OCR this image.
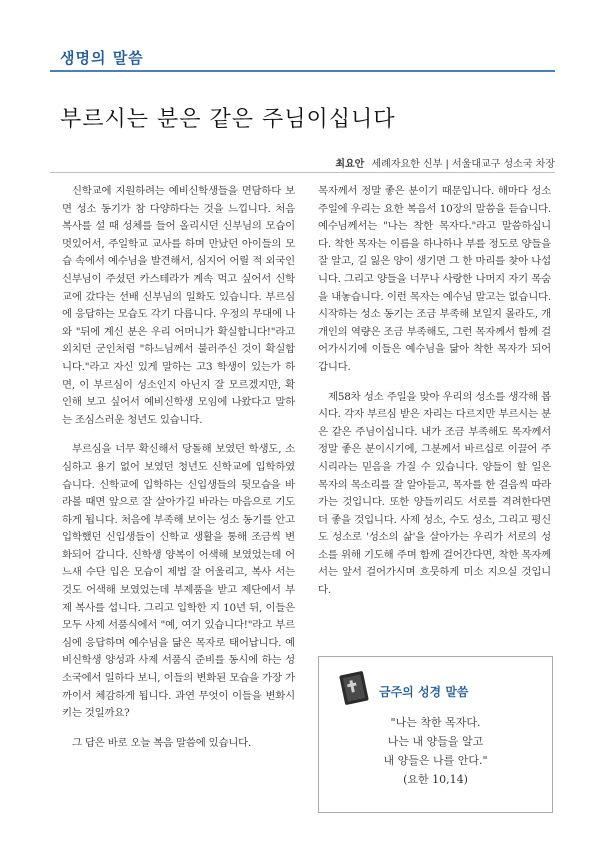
생명의 말씀
부르시는 분은 같은 주님이십니다
최요안 세례자요한 신부 | 서울대교구 성소국 차장

신학교에 지원하려는 예비신학생들을 면담하다 보면 성소 동기가 참 다양하다는 것을 느낍니다. 처음 복사를 설 때 성체를 들어 올리시던 신부님의 모습이 멋있어서, 주일학교 교사를 하며 만났던 아이들의 모습 속에서 예수님을 발견해서, 심지어 어릴 적 외국인 신부님이 주셨던 카스테라가 계속 먹고 싶어서 신학교에 갔다는 선배 신부님의 일화도 있습니다. 부르심에 응답하는 모습도 각기 다릅니다. 우정의 무대에 나와 "뒤에 계신 분은 우리 어머니가 확실합니다!"라고 외치던 군인처럼 "하느님께서 불러주신 것이 확실합니다."라고 자신 있게 말하는 고3 학생이 있는가 하면, 이 부르심이 성소인지 아닌지 잘 모르겠지만, 확인해 보고 싶어서 예비신학생 모임에 나왔다고 말하는 조심스러운 청년도 있습니다.

부르심을 너무 확신해서 당돌해 보였던 학생도, 소심하고 용기 없어 보였던 청년도 신학교에 입학하였습니다. 신학교에 입학하는 신입생들의 뒷모습을 바라볼 때면 앞으로 잘 살아가길 바라는 마음으로 기도하게 됩니다. 처음에 부족해 보이는 성소 동기를 안고 입학했던 신입생들이 신학교 생활을 통해 조금씩 변화되어 갑니다. 신학생 양복이 어색해 보였었는데 어느새 수단 입은 모습이 제법 잘 어울리고, 복사 서는 것도 어색해 보였었는데 부제품을 받고 제단에서 부제 복사를 섭니다. 그리고 입학한 지 10년 뒤, 이들은 모두 사제 서품식에서 "예, 여기 있습니다!"라고 부르심에 응답하며 예수님을 닮은 목자로 태어납니다. 예비신학생 양성과 사제 서품식 준비를 동시에 하는 성소국에서 일하다 보니, 이들의 변화된 모습을 가장 가까이서 체감하게 됩니다. 과연 무엇이 이들을 변화시키는 것일까요?

그 답은 바로 오늘 복음 말씀에 있습니다.

목자께서 정말 좋은 분이기 때문입니다. 해마다 성소 주일에 우리는 요한 복음서 10장의 말씀을 듣습니다. 예수님께서는 "나는 착한 목자다."라고 말씀하십니다. 착한 목자는 이름을 하나하나 부를 정도로 양들을 잘 알고, 길 잃은 양이 생기면 그 한 마리를 찾아 나섭니다. 그리고 양들을 너무나 사랑한 나머지 자기 목숨을 내놓습니다. 이런 목자는 예수님 말고는 없습니다. 시작하는 성소 동기는 조금 부족해 보일지 몰라도, 개개인의 역량은 조금 부족해도, 그런 목자께서 함께 걸어가시기에 이들은 예수님을 닮아 착한 목자가 되어갑니다.

제58차 성소 주일을 맞아 우리의 성소를 생각해 봅시다. 각자 부르심 받은 자리는 다르지만 부르시는 분은 같은 주님이십니다. 내가 조금 부족해도 목자께서 정말 좋은 분이시기에, 그분께서 바르십로 이끌어 주시리라는 믿음을 가질 수 있습니다. 양들이 할 일은 목자의 목소리를 잘 알아듣고, 목자를 한 걸음씩 따라가는 것입니다. 또한 양들끼리도 서로를 격려한다면 더 좋을 것입니다. 사제 성소, 수도 성소, 그리고 평신도 성소로 '성소의 삶'을 살아가는 우리가 서로의 성소를 위해 기도해 주며 함께 걸어간다면, 착한 목자께서는 앞서 걸어가시며 흐뭇하게 미소 지으실 것입니다.

금주의 성경 말씀
"나는 착한 목자다.
나는 내 양들을 알고
내 양들은 나를 안다."
(요한 10,14)
